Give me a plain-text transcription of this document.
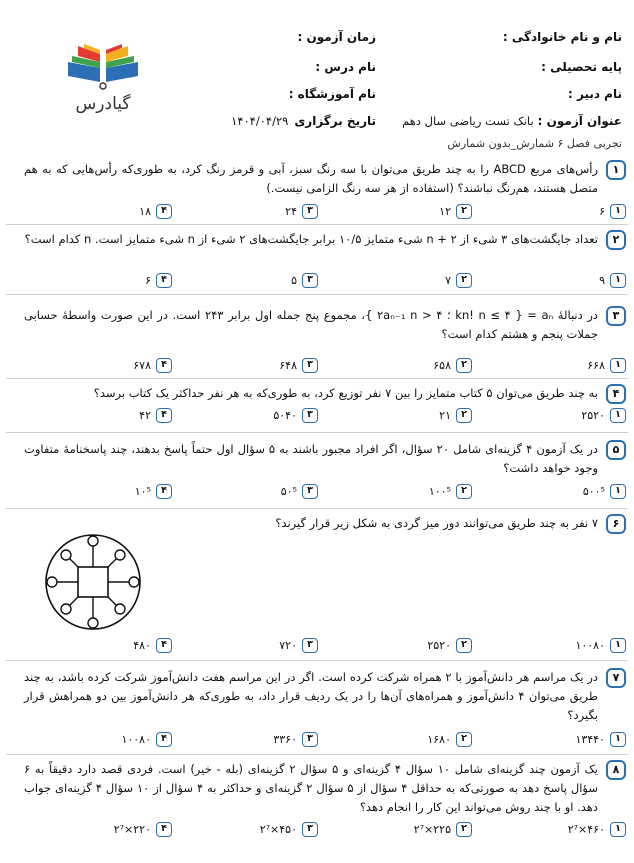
نام و نام خانوادگی :
زمان آزمون :
پایه تحصیلی :
نام درس :
نام دبیر :
نام آموزشگاه :
عنوان آزمون :
بانک تست ریاضی سال دهم
تاریخ برگزاری
۱۴۰۴/۰۴/۲۹
تجربی فصل ۶ شمارش_بدون شمارش
گیادرس
۱
رأس‌های مربع ABCD را به چند طریق می‌توان با سه رنگ سبز، آبی و قرمز رنگ کرد، به طوری‌که رأس‌هایی که به هم متصل هستند، هم‌رنگ نباشند؟ (استفاده از هر سه رنگ الزامی نیست.)
۱
۶
۲
۱۲
۳
۲۴
۴
۱۸
۲
تعداد جایگشت‌های ۳ شیء از n + ۲ شیء متمایز ۱۰/۵ برابر جایگشت‌های ۲ شیء از n شیء متمایز است. n کدام است؟
۱
۹
۲
۷
۳
۵
۴
۶
۳
در دنبالهٔ aₙ = { kn! n ≤ ۴ ؛ ۲aₙ₋₁ n > ۴ }، مجموع پنج جمله اول برابر ۲۴۳ است. در این صورت واسطهٔ حسابی جملات پنجم و هشتم کدام است؟
۱
۶۶۸
۲
۶۵۸
۳
۶۴۸
۴
۶۷۸
۴
به چند طریق می‌توان ۵ کتاب متمایز را بین ۷ نفر توزیع کرد، به طوری‌که به هر نفر حداکثر یک کتاب برسد؟
۱
۲۵۲۰
۲
۲۱
۳
۵۰۴۰
۴
۴۲
۵
در یک آزمون ۴ گزینه‌ای شامل ۲۰ سؤال، اگر افراد مجبور باشند به ۵ سؤال اول حتماً پاسخ بدهند، چند پاسخنامهٔ متفاوت وجود خواهد داشت؟
۱
۵۰۰⁵
۲
۱۰۰⁵
۳
۵۰⁵
۴
۱۰⁵
۶
۷ نفر به چند طریق می‌توانند دور میز گردی به شکل زیر قرار گیرند؟
۱
۱۰۰۸۰
۲
۲۵۲۰
۳
۷۲۰
۴
۴۸۰
۷
در یک مراسم هر دانش‌آموز با ۲ همراه شرکت کرده است. اگر در این مراسم هفت دانش‌آموز شرکت کرده باشد، به چند طریق می‌توان ۴ دانش‌آموز و همراه‌های آن‌ها را در یک ردیف قرار داد، به طوری‌که هر دانش‌آموز بین دو همراهش قرار بگیرد؟
۱
۱۳۴۴۰
۲
۱۶۸۰
۳
۳۳۶۰
۴
۱۰۰۸۰
۸
یک آزمون چند گزینه‌ای شامل ۱۰ سؤال ۴ گزینه‌ای و ۵ سؤال ۲ گزینه‌ای (بله - خیر) است. فردی قصد دارد دقیقاً به ۶ سؤال پاسخ دهد به صورتی‌که به حداقل ۴ سؤال از ۵ سؤال ۲ گزینه‌ای و حداکثر به ۴ سؤال از ۱۰ سؤال ۴ گزینه‌ای جواب دهد. او با چند روش می‌تواند این کار را انجام دهد؟
۱
۴۶۰×۲⁷
۲
۲۲۵×۲⁷
۳
۴۵۰×۲⁷
۴
۲۲۰×۲⁷
